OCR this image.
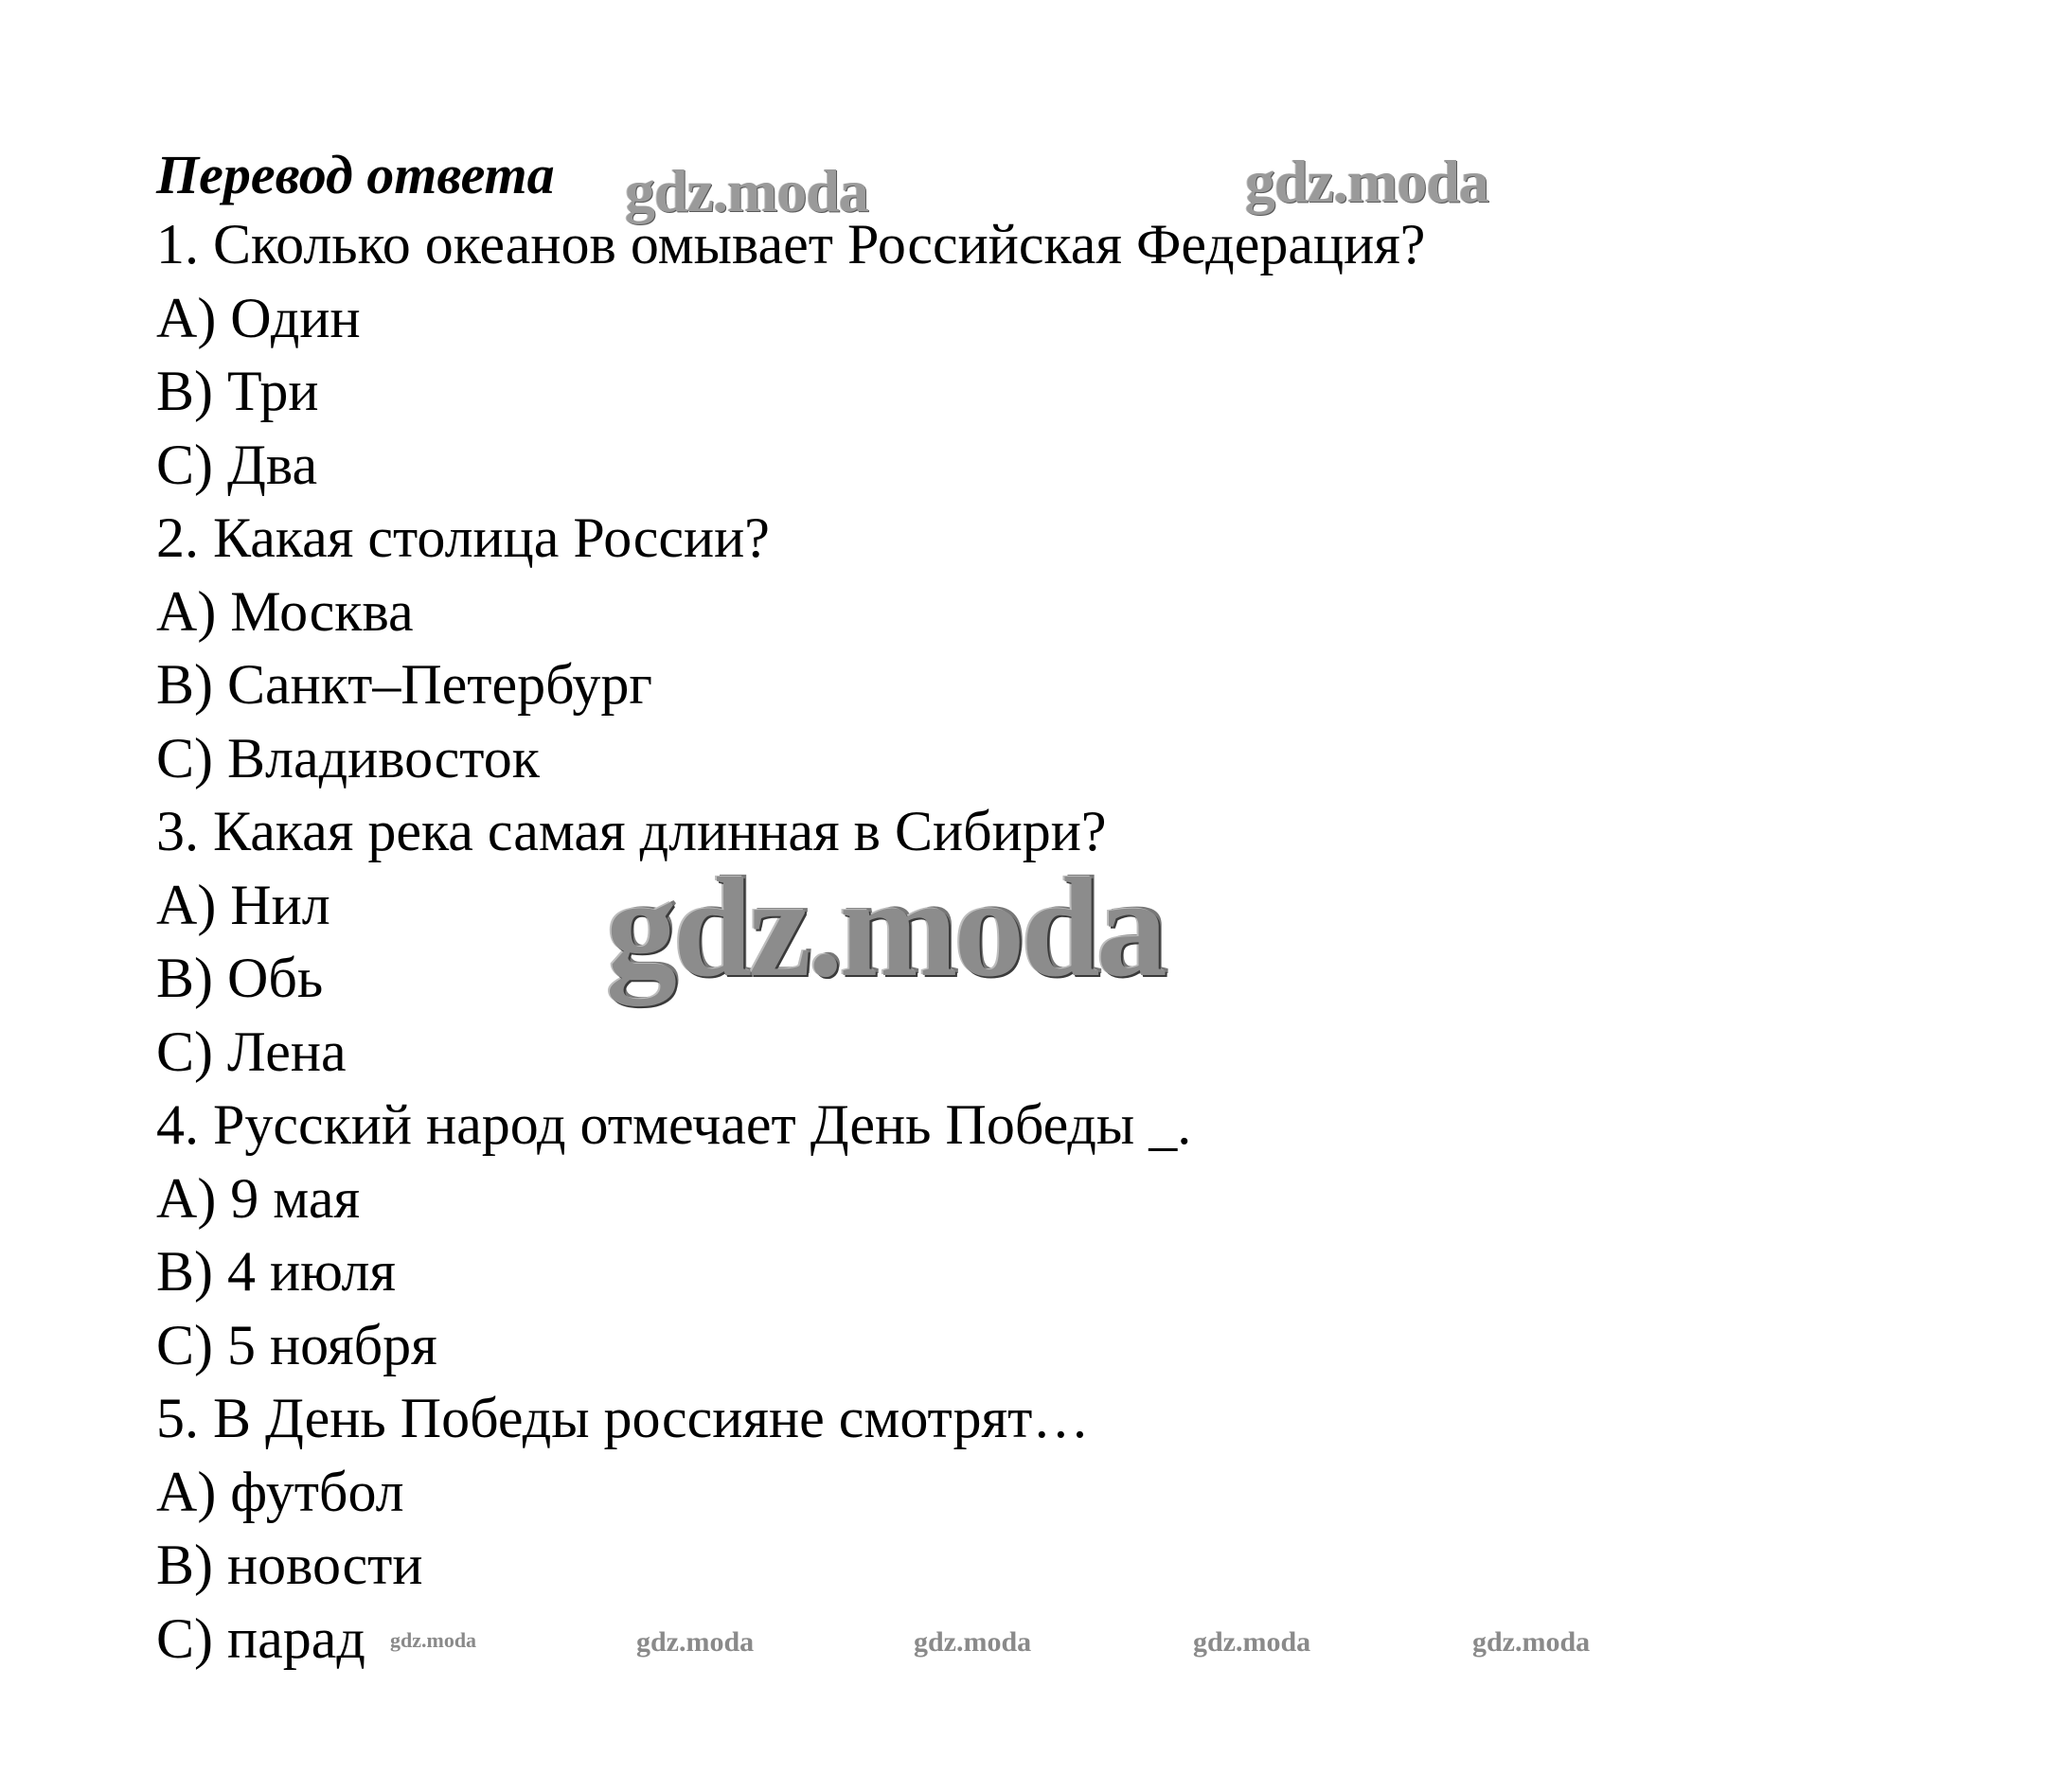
Перевод ответа
1. Сколько океанов омывает Российская Федерация?
A) Один
B) Три
C) Два
2. Какая столица России?
A) Москва
B) Санкт–Петербург
C) Владивосток
3. Какая река самая длинная в Сибири?
A) Нил
B) Обь
C) Лена
4. Русский народ отмечает День Победы _.
A) 9 мая
B) 4 июля
C) 5 ноября
5. В День Победы россияне смотрят…
A) футбол
B) новости
C) парад
gdz.moda	gdz.moda
gdz.moda
gdz.moda	gdz.moda	gdz.moda	gdz.moda	gdz.moda
